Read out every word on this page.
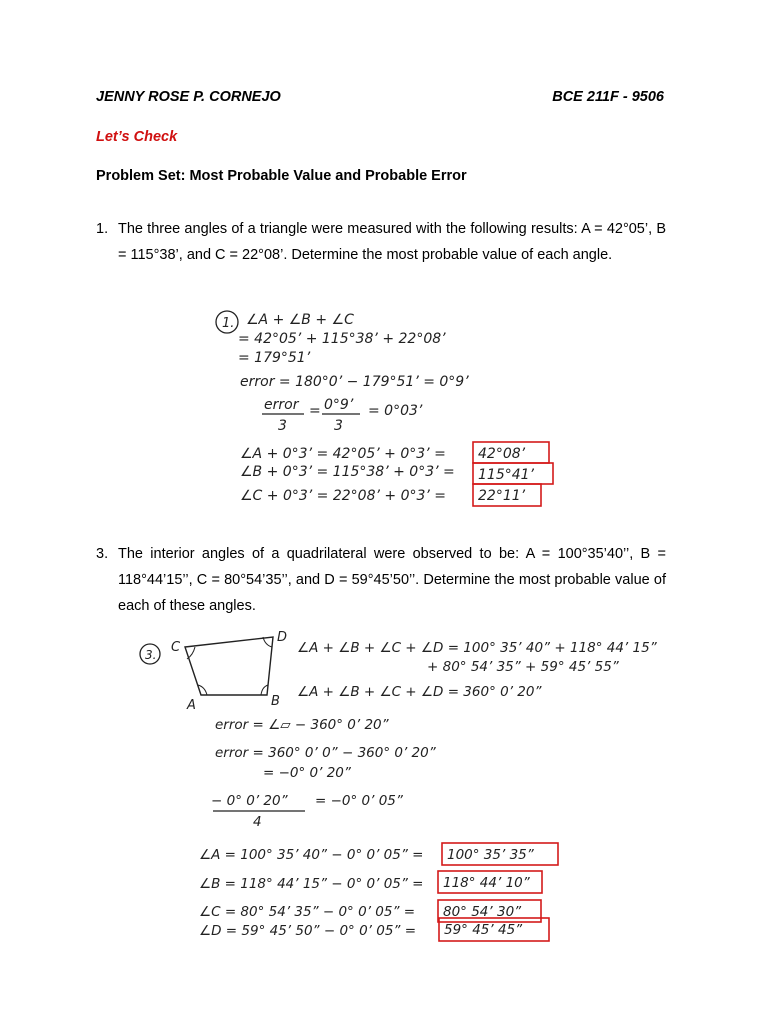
JENNY ROSE P. CORNEJO	BCE 211F - 9506
Let’s Check
Problem Set: Most Probable Value and Probable Error
1. The three angles of a triangle were measured with the following results: A = 42°05’, B = 115°38’, and C = 22°08’. Determine the most probable value of each angle.
1. ∠A + ∠B + ∠C
= 42°05’ + 115°38’ + 22°08’
= 179°51’
error = 180°0’ − 179°51’ = 0°9’
error
3
= 0°9’
3
= 0°03’
∠A + 0°3’ = 42°05’ + 0°3’ = 42°08’
∠B + 0°3’ = 115°38’ + 0°3’ = 115°41’
∠C + 0°3’ = 22°08’ + 0°3’ = 22°11’
3. The interior angles of a quadrilateral were observed to be: A = 100°35’40’’, B = 118°44’15’’, C = 80°54’35’’, and D = 59°45’50’’. Determine the most probable value of each of these angles.
3. C
D
A	B
∠A + ∠B + ∠C + ∠D = 100° 35’ 40” + 118° 44’ 15”
+ 80° 54’ 35” + 59° 45’ 55”
∠A + ∠B + ∠C + ∠D = 360° 0’ 20”
error = ∠▱ − 360° 0’ 20”
error = 360° 0’ 0” − 360° 0’ 20”
= −0° 0’ 20”
− 0° 0’ 20”
4
= −0° 0’ 05”
∠A = 100° 35’ 40” − 0° 0’ 05” = 100° 35’ 35”
∠B = 118° 44’ 15” − 0° 0’ 05” = 118° 44’ 10”
∠C = 80° 54’ 35” − 0° 0’ 05” = 80° 54’ 30”
∠D = 59° 45’ 50” − 0° 0’ 05” = 59° 45’ 45”
